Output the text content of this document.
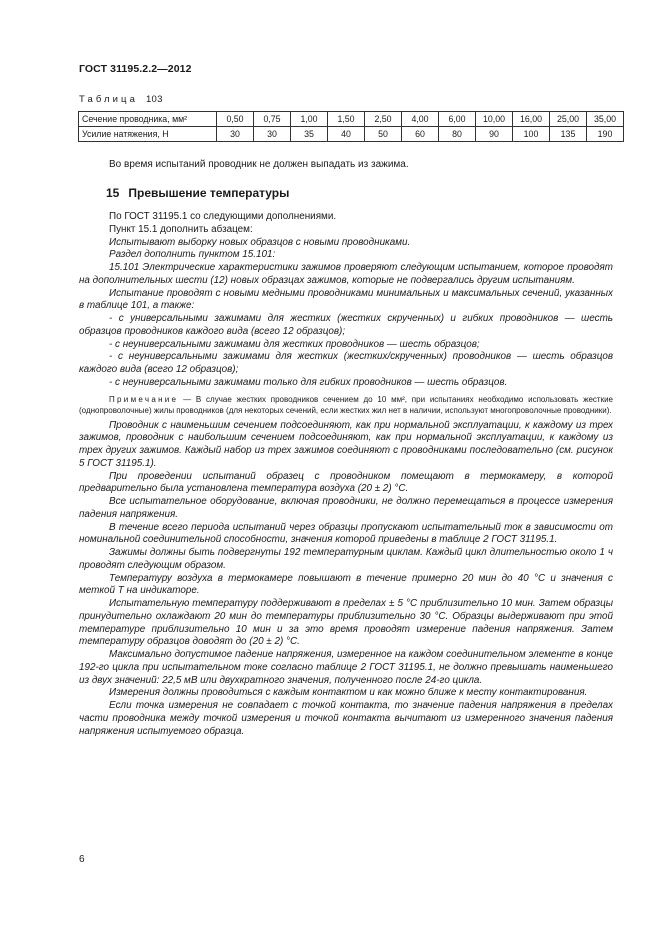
ГОСТ 31195.2.2—2012
Таблица 103
Сечение проводника, мм²	0,50	0,75	1,00	1,50	2,50	4,00	6,00	10,00	16,00	25,00	35,00
Усилие натяжения, Н	30	30	35	40	50	60	80	90	100	135	190
Во время испытаний проводник не должен выпадать из зажима.
15 Превышение температуры

По ГОСТ 31195.1 со следующими дополнениями.

Пункт 15.1 дополнить абзацем:

Испытывают выборку новых образцов с новыми проводниками.

Раздел дополнить пунктом 15.101:

15.101 Электрические характеристики зажимов проверяют следующим испытанием, которое проводят на дополнительных шести (12) новых образцах зажимов, которые не подвергались другим испытаниям.

Испытание проводят с новыми медными проводниками минимальных и максимальных сечений, указанных в таблице 101, а также:

- с универсальными зажимами для жестких (жестких скрученных) и гибких проводников — шесть образцов проводников каждого вида (всего 12 образцов);

- с неуниверсальными зажимами для жестких проводников — шесть образцов;

- с неуниверсальными зажимами для жестких (жестких/скрученных) проводников — шесть образцов каждого вида (всего 12 образцов);

- с неуниверсальными зажимами только для гибких проводников — шесть образцов.

Примечание — В случае жестких проводников сечением до 10 мм², при испытаниях необходимо использовать жесткие (однопроволочные) жилы проводников (для некоторых сечений, если жестких жил нет в наличии, используют многопроволочные проводники).

Проводник с наименьшим сечением подсоединяют, как при нормальной эксплуатации, к каждому из трех зажимов, проводник с наибольшим сечением подсоединяют, как при нормальной эксплуатации, к каждому из трех других зажимов. Каждый набор из трех зажимов соединяют с проводниками последовательно (см. рисунок 5 ГОСТ 31195.1).

При проведении испытаний образец с проводником помещают в термокамеру, в которой предварительно была установлена температура воздуха (20 ± 2) °С.

Все испытательное оборудование, включая проводники, не должно перемещаться в процессе измерения падения напряжения.

В течение всего периода испытаний через образцы пропускают испытательный ток в зависимости от номинальной соединительной способности, значения которой приведены в таблице 2 ГОСТ 31195.1.

Зажимы должны быть подвергнуты 192 температурным циклам. Каждый цикл длительностью около 1 ч проводят следующим образом.

Температуру воздуха в термокамере повышают в течение примерно 20 мин до 40 °С и значения с меткой Т на индикаторе.

Испытательную температуру поддерживают в пределах ± 5 °С приблизительно 10 мин. Затем образцы принудительно охлаждают 20 мин до температуры приблизительно 30 °С. Образцы выдерживают при этой температуре приблизительно 10 мин и за это время проводят измерение падения напряжения. Затем температуру образцов доводят до (20 ± 2) °С.

Максимально допустимое падение напряжения, измеренное на каждом соединительном элементе в конце 192-го цикла при испытательном токе согласно таблице 2 ГОСТ 31195.1, не должно превышать наименьшего из двух значений: 22,5 мВ или двухкратного значения, полученного после 24-го цикла.

Измерения должны проводиться с каждым контактом и как можно ближе к месту контактирования.

Если точка измерения не совпадает с точкой контакта, то значение падения напряжения в пределах части проводника между точкой измерения и точкой контакта вычитают из измеренного значения падения напряжения испытуемого образца.

6
